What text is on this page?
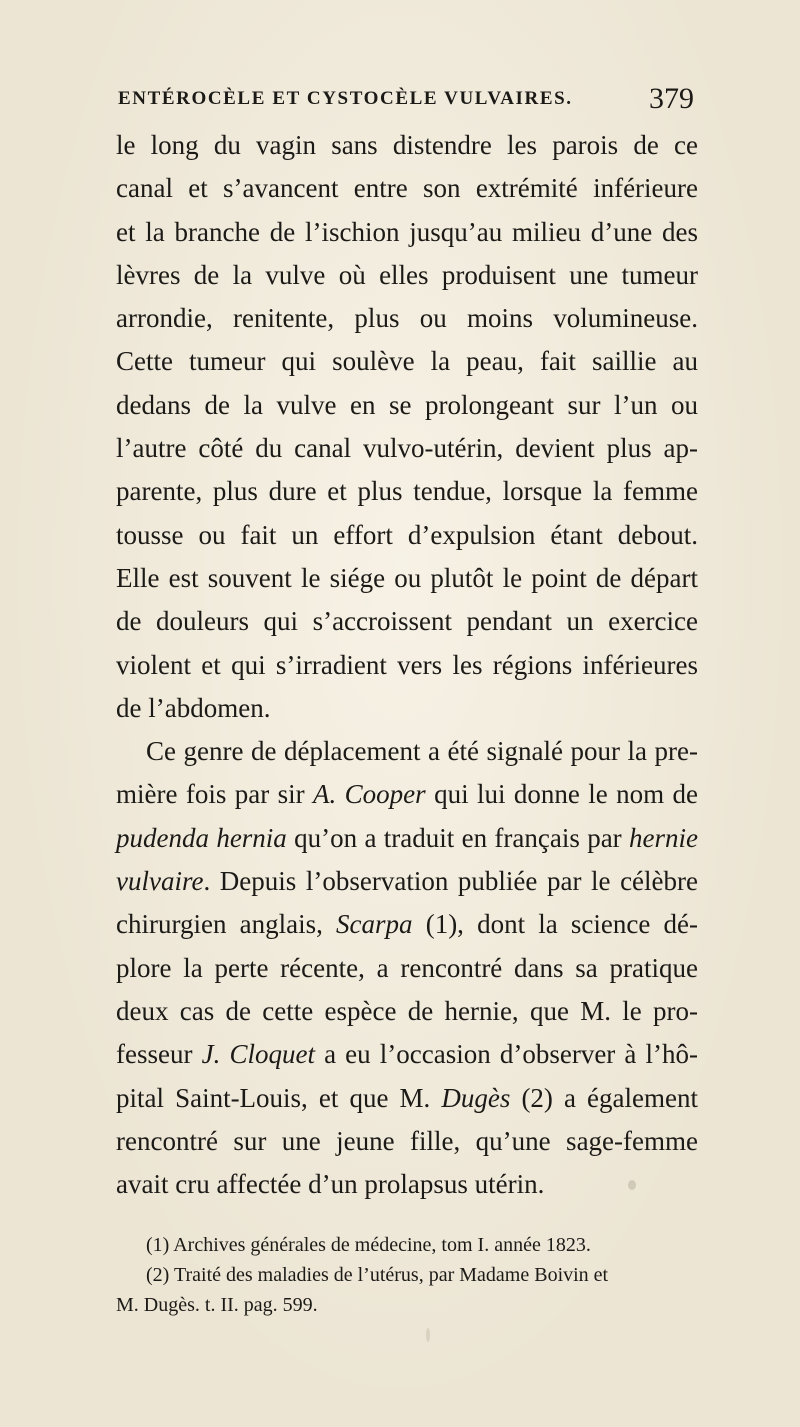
ENTÉROCÈLE ET CYSTOCÈLE VULVAIRES.	379
le long du vagin sans distendre les parois de ce
canal et s’avancent entre son extrémité inférieure
et la branche de l’ischion jusqu’au milieu d’une des
lèvres de la vulve où elles produisent une tumeur
arrondie, renitente, plus ou moins volumineuse.
Cette tumeur qui soulève la peau, fait saillie au
dedans de la vulve en se prolongeant sur l’un ou
l’autre côté du canal vulvo-utérin, devient plus ap-
parente, plus dure et plus tendue, lorsque la femme
tousse ou fait un effort d’expulsion étant debout.
Elle est souvent le siége ou plutôt le point de départ
de douleurs qui s’accroissent pendant un exercice
violent et qui s’irradient vers les régions inférieures
de l’abdomen.
Ce genre de déplacement a été signalé pour la pre-
mière fois par sir A. Cooper qui lui donne le nom de
pudenda hernia qu’on a traduit en français par hernie
vulvaire. Depuis l’observation publiée par le célèbre
chirurgien anglais, Scarpa (1), dont la science dé-
plore la perte récente, a rencontré dans sa pratique
deux cas de cette espèce de hernie, que M. le pro-
fesseur J. Cloquet a eu l’occasion d’observer à l’hô-
pital Saint-Louis, et que M. Dugès (2) a également
rencontré sur une jeune fille, qu’une sage-femme
avait cru affectée d’un prolapsus utérin.
(1) Archives générales de médecine, tom I. année 1823.
(2) Traité des maladies de l’utérus, par Madame Boivin et
M. Dugès. t. II. pag. 599.
